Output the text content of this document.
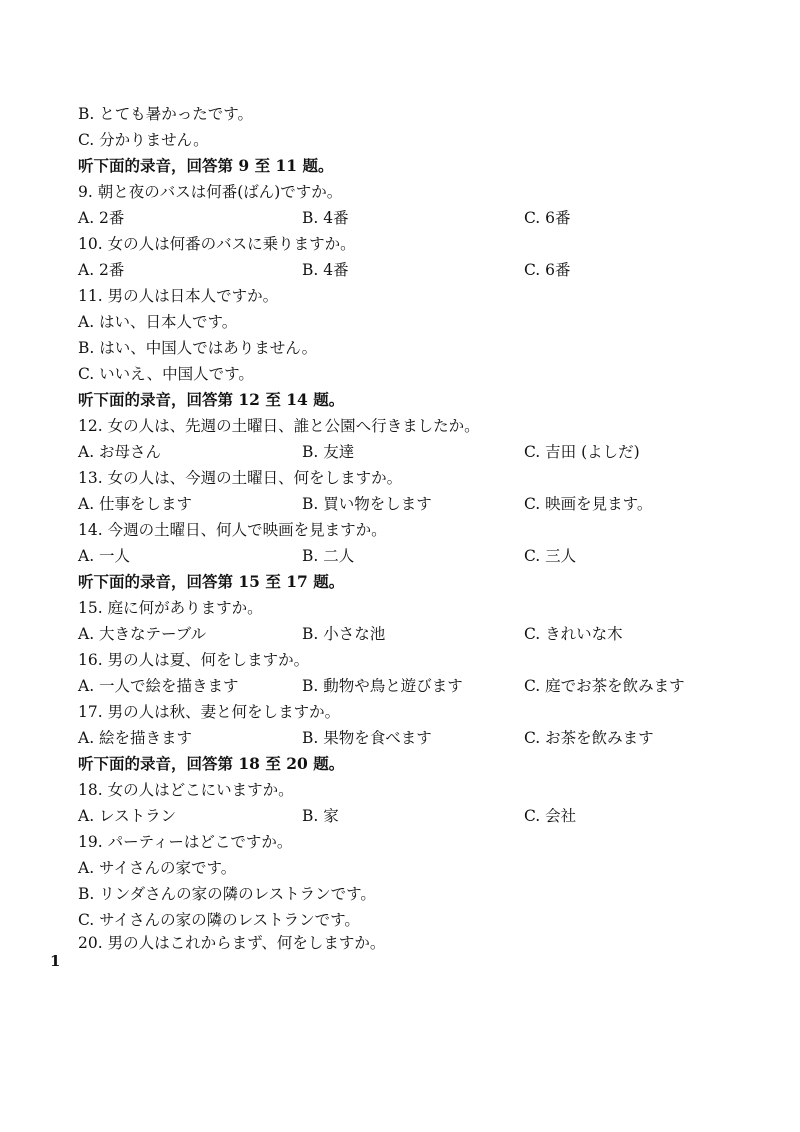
B. とても暑かったです。
C. 分かりません。
听下面的录音，回答第 9 至 11 题。
9. 朝と夜のバスは何番(ばん)ですか。
A. 2番	B. 4番	C. 6番
10. 女の人は何番のバスに乗りますか。
A. 2番	B. 4番	C. 6番
11. 男の人は日本人ですか。
A. はい、日本人です。
B. はい、中国人ではありません。
C. いいえ、中国人です。
听下面的录音，回答第 12 至 14 题。
12. 女の人は、先週の土曜日、誰と公園へ行きましたか。
A. お母さん	B. 友達	C. 吉田 (よしだ)
13. 女の人は、今週の土曜日、何をしますか。
A. 仕事をします	B. 買い物をします	C. 映画を見ます。
14. 今週の土曜日、何人で映画を見ますか。
A. 一人	B. 二人	C. 三人
听下面的录音，回答第 15 至 17 题。
15. 庭に何がありますか。
A. 大きなテーブル	B. 小さな池	C. きれいな木
16. 男の人は夏、何をしますか。
A. 一人で絵を描きます	B. 動物や鳥と遊びます	C. 庭でお茶を飲みます
17. 男の人は秋、妻と何をしますか。
A. 絵を描きます	B. 果物を食べます	C. お茶を飲みます
听下面的录音，回答第 18 至 20 题。
18. 女の人はどこにいますか。
A. レストラン	B. 家	C. 会社
19. パーティーはどこですか。
A. サイさんの家です。
B. リンダさんの家の隣のレストランです。
C. サイさんの家の隣のレストランです。
20. 男の人はこれからまず、何をしますか。
1
